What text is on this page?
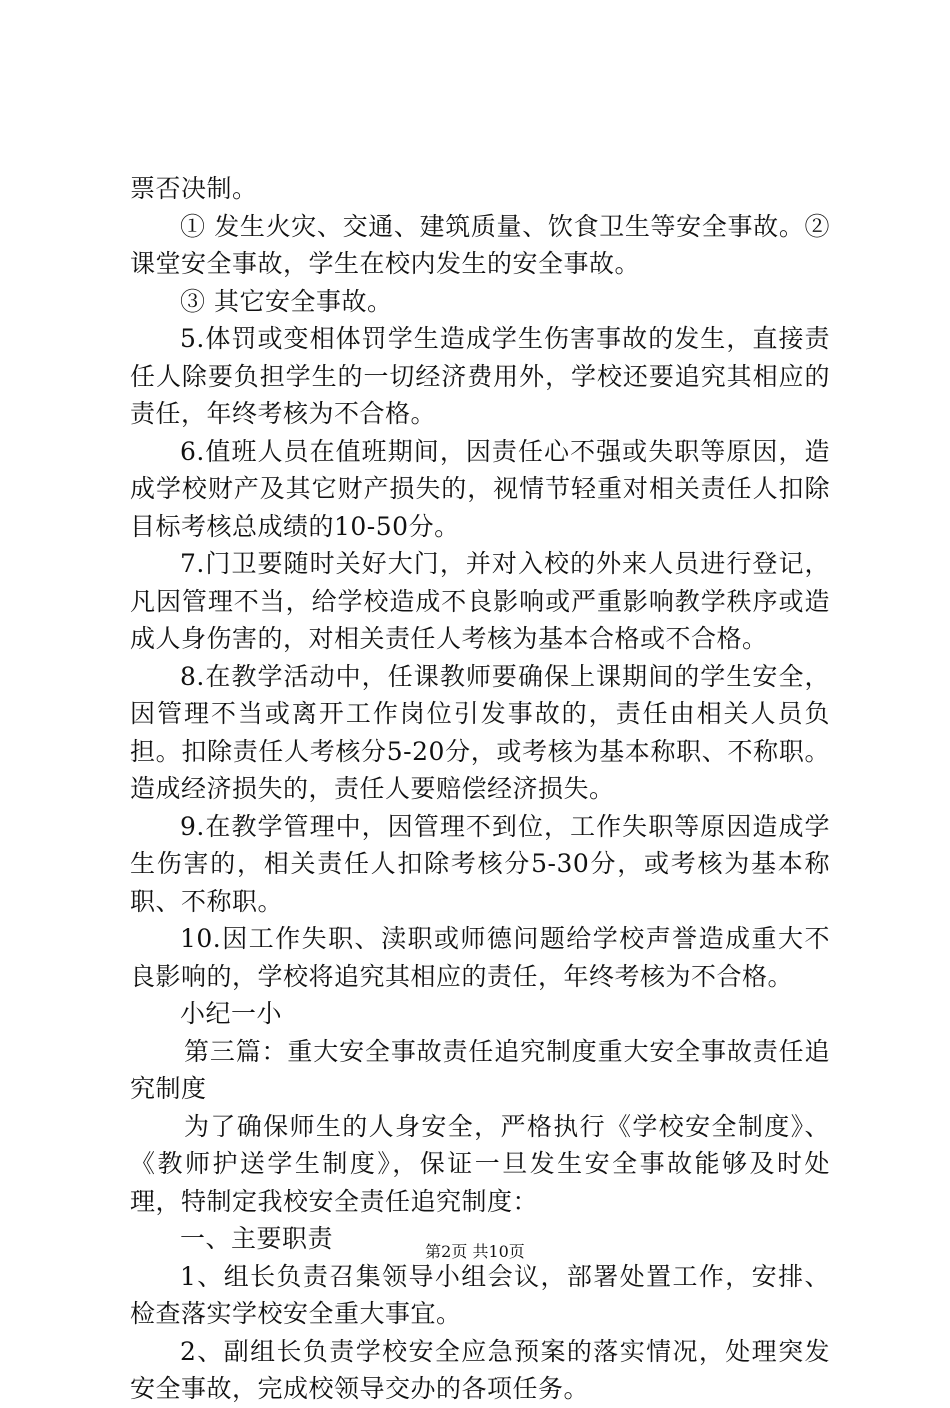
票否决制。

① 发生火灾、交通、建筑质量、饮食卫生等安全事故。② 课堂安全事故，学生在校内发生的安全事故。

③ 其它安全事故。

5.体罚或变相体罚学生造成学生伤害事故的发生，直接责任人除要负担学生的一切经济费用外，学校还要追究其相应的责任，年终考核为不合格。

6.值班人员在值班期间，因责任心不强或失职等原因，造成学校财产及其它财产损失的，视情节轻重对相关责任人扣除目标考核总成绩的10-50分。

7.门卫要随时关好大门，并对入校的外来人员进行登记，凡因管理不当，给学校造成不良影响或严重影响教学秩序或造成人身伤害的，对相关责任人考核为基本合格或不合格。

8.在教学活动中，任课教师要确保上课期间的学生安全，因管理不当或离开工作岗位引发事故的，责任由相关人员负担。扣除责任人考核分5-20分，或考核为基本称职、不称职。造成经济损失的，责任人要赔偿经济损失。

9.在教学管理中，因管理不到位，工作失职等原因造成学生伤害的，相关责任人扣除考核分5-30分，或考核为基本称职、不称职。

10.因工作失职、渎职或师德问题给学校声誉造成重大不良影响的，学校将追究其相应的责任，年终考核为不合格。

小纪一小

第三篇：重大安全事故责任追究制度重大安全事故责任追究制度

为了确保师生的人身安全，严格执行《学校安全制度》、《教师护送学生制度》，保证一旦发生安全事故能够及时处理，特制定我校安全责任追究制度：

一、主要职责

1、组长负责召集领导小组会议，部署处置工作，安排、检查落实学校安全重大事宜。

2、副组长负责学校安全应急预案的落实情况，处理突发安全事故，完成校领导交办的各项任务。

第2页 共10页
